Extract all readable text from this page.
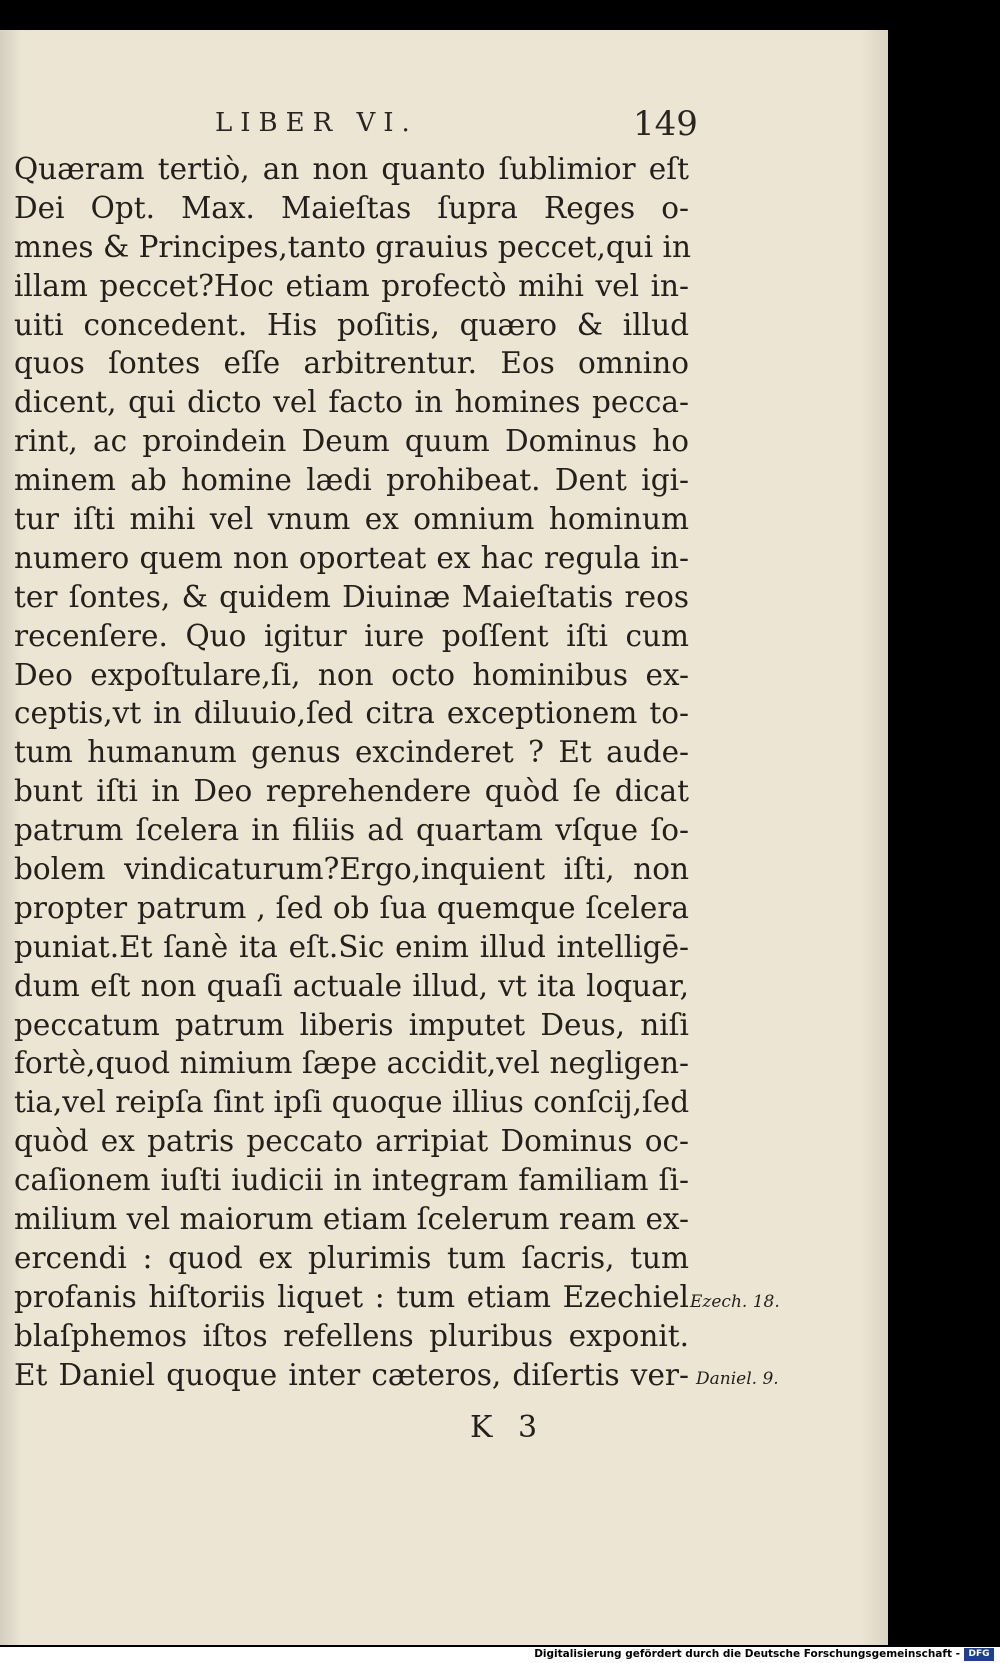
LIBER VI.	149
Quæram tertiò, an non quanto ſublimior eſt
Dei Opt. Max. Maieſtas ſupra Reges o-
mnes & Principes,tanto grauius peccet,qui in
illam peccet?Hoc etiam profectò mihi vel in-
uiti concedent. His poſitis, quæro & illud
quos ſontes eſſe arbitrentur. Eos omnino
dicent, qui dicto vel facto in homines pecca-
rint, ac proindein Deum quum Dominus ho
minem ab homine lædi prohibeat. Dent igi-
tur iſti mihi vel vnum ex omnium hominum
numero quem non oporteat ex hac regula in-
ter ſontes, & quidem Diuinæ Maieſtatis reos
recenſere. Quo igitur iure poſſent iſti cum
Deo expoſtulare,ſi, non octo hominibus ex-
ceptis,vt in diluuio,ſed citra exceptionem to-
tum humanum genus excinderet ? Et aude-
bunt iſti in Deo reprehendere quòd ſe dicat
patrum ſcelera in filiis ad quartam vſque ſo-
bolem vindicaturum?Ergo,inquient iſti, non
propter patrum , ſed ob ſua quemque ſcelera
puniat.Et ſanè ita eſt.Sic enim illud intelligē-
dum eſt non quaſi actuale illud, vt ita loquar,
peccatum patrum liberis imputet Deus, niſi
fortè,quod nimium ſæpe accidit,vel negligen-
tia,vel reipſa ſint ipſi quoque illius conſcij,ſed
quòd ex patris peccato arripiat Dominus oc-
caſionem iuſti iudicii in integram familiam ſi-
milium vel maiorum etiam ſcelerum ream ex-
ercendi : quod ex plurimis tum ſacris, tum
profanis hiſtoriis liquet : tum etiam Ezechiel
blaſphemos iſtos refellens pluribus exponit.
Et Daniel quoque inter cæteros, diſertis ver-
Ezech. 18.
Daniel. 9.
K 3
Digitalisierung gefördert durch die Deutsche Forschungsgemeinschaft - DFG
